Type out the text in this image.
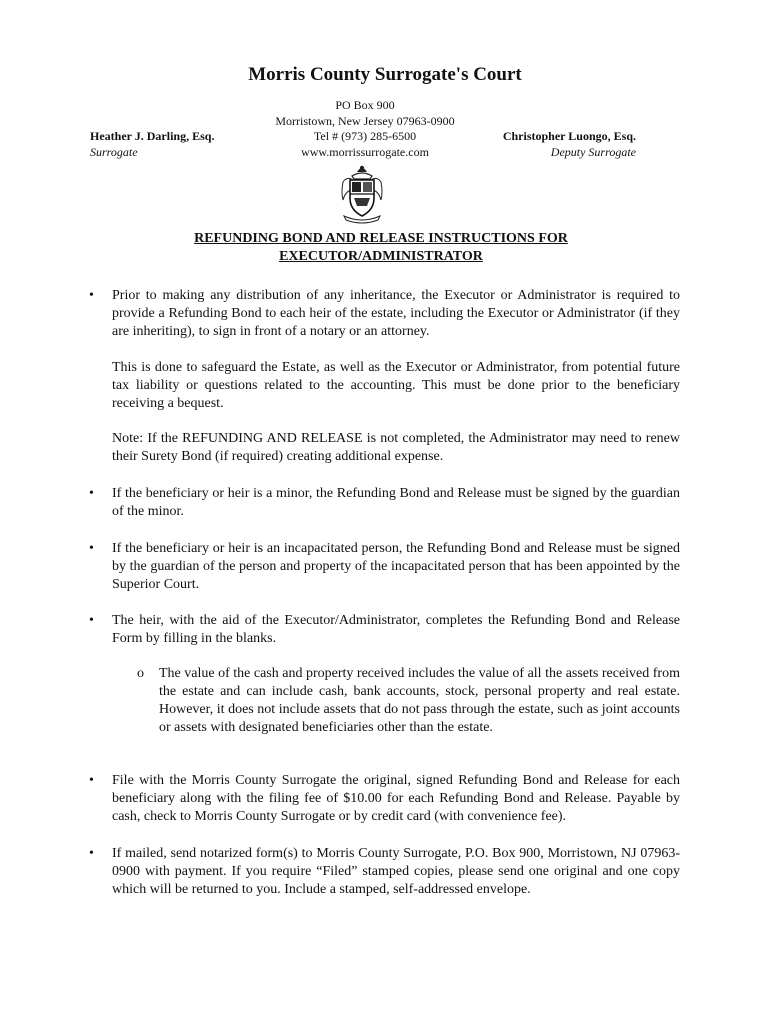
Morris County Surrogate's Court
PO Box 900
Morristown, New Jersey 07963-0900
Tel # (973) 285-6500
www.morrissurrogate.com
Heather J. Darling, Esq.
Surrogate
Christopher Luongo, Esq.
Deputy Surrogate
REFUNDING BOND AND RELEASE INSTRUCTIONS FOR
EXECUTOR/ADMINISTRATOR
• Prior to making any distribution of any inheritance, the Executor or Administrator is required to provide a Refunding Bond to each heir of the estate, including the Executor or Administrator (if they are inheriting), to sign in front of a notary or an attorney.
This is done to safeguard the Estate, as well as the Executor or Administrator, from potential future tax liability or questions related to the accounting. This must be done prior to the beneficiary receiving a bequest.
Note: If the REFUNDING AND RELEASE is not completed, the Administrator may need to renew their Surety Bond (if required) creating additional expense.
• If the beneficiary or heir is a minor, the Refunding Bond and Release must be signed by the guardian of the minor.
• If the beneficiary or heir is an incapacitated person, the Refunding Bond and Release must be signed by the guardian of the person and property of the incapacitated person that has been appointed by the Superior Court.
• The heir, with the aid of the Executor/Administrator, completes the Refunding Bond and Release Form by filling in the blanks.
o The value of the cash and property received includes the value of all the assets received from the estate and can include cash, bank accounts, stock, personal property and real estate. However, it does not include assets that do not pass through the estate, such as joint accounts or assets with designated beneficiaries other than the estate.
• File with the Morris County Surrogate the original, signed Refunding Bond and Release for each beneficiary along with the filing fee of $10.00 for each Refunding Bond and Release. Payable by cash, check to Morris County Surrogate or by credit card (with convenience fee).
• If mailed, send notarized form(s) to Morris County Surrogate, P.O. Box 900, Morristown, NJ 07963-0900 with payment. If you require “Filed” stamped copies, please send one original and one copy which will be returned to you. Include a stamped, self-addressed envelope.
